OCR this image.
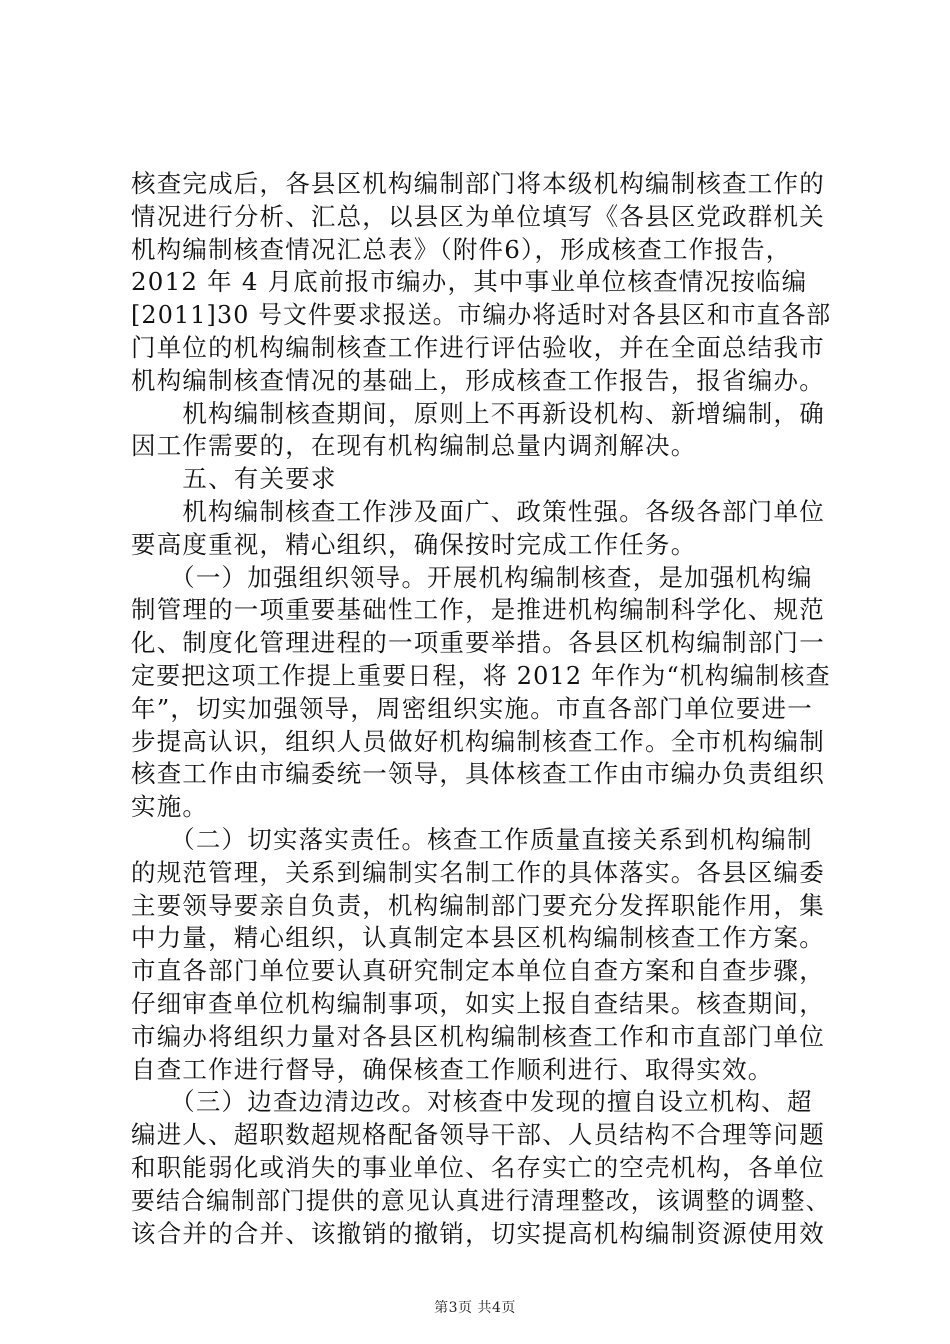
核查完成后，各县区机构编制部门将本级机构编制核查工作的
情况进行分析、汇总，以县区为单位填写《各县区党政群机关
机构编制核查情况汇总表》（附件6），形成核查工作报告，
2012 年 4 月底前报市编办，其中事业单位核查情况按临编
[2011]30 号文件要求报送。市编办将适时对各县区和市直各部
门单位的机构编制核查工作进行评估验收，并在全面总结我市
机构编制核查情况的基础上，形成核查工作报告，报省编办。
　　机构编制核查期间，原则上不再新设机构、新增编制，确
因工作需要的，在现有机构编制总量内调剂解决。
　　五、有关要求
　　机构编制核查工作涉及面广、政策性强。各级各部门单位
要高度重视，精心组织，确保按时完成工作任务。
　　（一）加强组织领导。开展机构编制核查，是加强机构编
制管理的一项重要基础性工作，是推进机构编制科学化、规范
化、制度化管理进程的一项重要举措。各县区机构编制部门一
定要把这项工作提上重要日程，将 2012 年作为“机构编制核查
年”，切实加强领导，周密组织实施。市直各部门单位要进一
步提高认识，组织人员做好机构编制核查工作。全市机构编制
核查工作由市编委统一领导，具体核查工作由市编办负责组织
实施。
　　（二）切实落实责任。核查工作质量直接关系到机构编制
的规范管理，关系到编制实名制工作的具体落实。各县区编委
主要领导要亲自负责，机构编制部门要充分发挥职能作用，集
中力量，精心组织，认真制定本县区机构编制核查工作方案。
市直各部门单位要认真研究制定本单位自查方案和自查步骤，
仔细审查单位机构编制事项，如实上报自查结果。核查期间，
市编办将组织力量对各县区机构编制核查工作和市直部门单位
自查工作进行督导，确保核查工作顺利进行、取得实效。
　　（三）边查边清边改。对核查中发现的擅自设立机构、超
编进人、超职数超规格配备领导干部、人员结构不合理等问题
和职能弱化或消失的事业单位、名存实亡的空壳机构，各单位
要结合编制部门提供的意见认真进行清理整改，该调整的调整、
该合并的合并、该撤销的撤销，切实提高机构编制资源使用效
第3页 共4页
